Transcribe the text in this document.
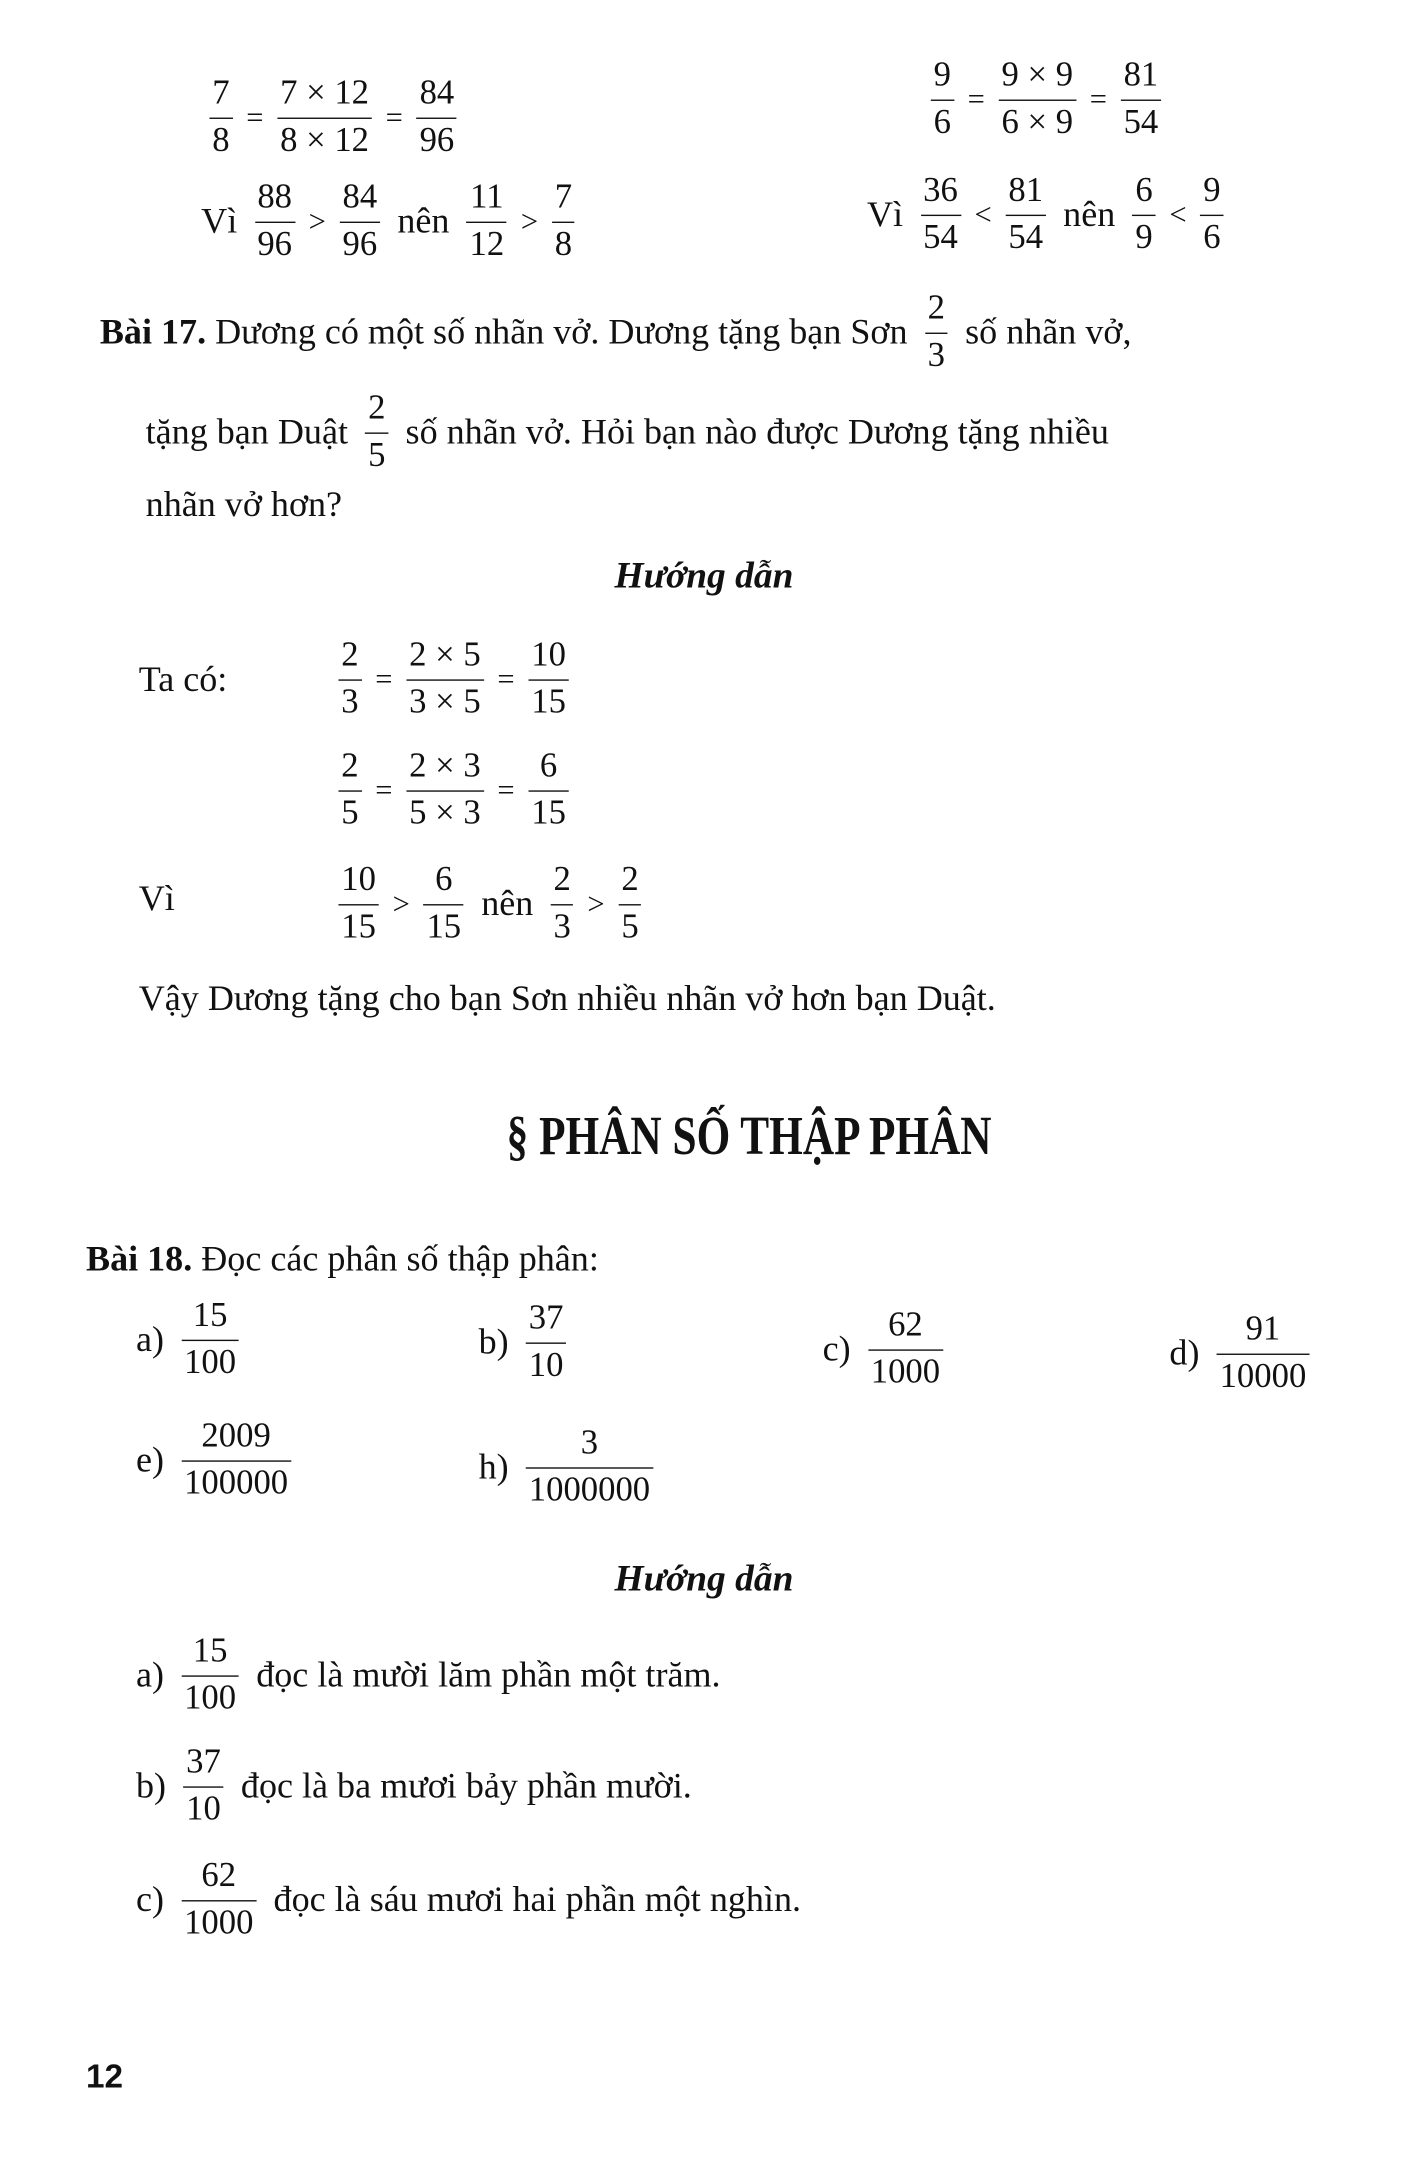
$\frac{7}{8} = \frac{7 \times 12}{8 \times 12} = \frac{84}{96}$	$\frac{9}{6} = \frac{9 \times 9}{6 \times 9} = \frac{81}{54}$
Vì $\frac{88}{96} > \frac{84}{96}$ nên $\frac{11}{12} > \frac{7}{8}$	Vì $\frac{36}{54} < \frac{81}{54}$ nên $\frac{6}{9} < \frac{9}{6}$
Bài 17. Dương có một số nhãn vở. Dương tặng bạn Sơn $\frac{2}{3}$ số nhãn vở,
tặng bạn Duật $\frac{2}{5}$ số nhãn vở. Hỏi bạn nào được Dương tặng nhiều
nhãn vở hơn?
Ta có:	$\frac{2}{3} = \frac{2 \times 5}{3 \times 5} = \frac{10}{15}$
$\frac{2}{5} = \frac{2 \times 3}{5 \times 3} = \frac{6}{15}$
Vì	$\frac{10}{15} > \frac{6}{15}$ nên $\frac{2}{3} > \frac{2}{5}$
Vậy Dương tặng cho bạn Sơn nhiều nhãn vở hơn bạn Duật.
Bài 18. Đọc các phân số thập phân:
$a) \frac{15}{100}$	$b) \frac{37}{10}$	$c) \frac{62}{1000}$	$d) \frac{91}{10000}$
$e) \frac{2009}{100000}$	$h) \frac{3}{1000000}$
$a) \frac{15}{100}$ đọc là mười lăm phần một trăm.
$b) \frac{37}{10}$ đọc là ba mươi bảy phần mười.
$c) \frac{62}{1000}$ đọc là sáu mươi hai phần một nghìn.
Hướng dẫn
§ PHÂN SỐ THẬP PHÂN
Hướng dẫn
12
